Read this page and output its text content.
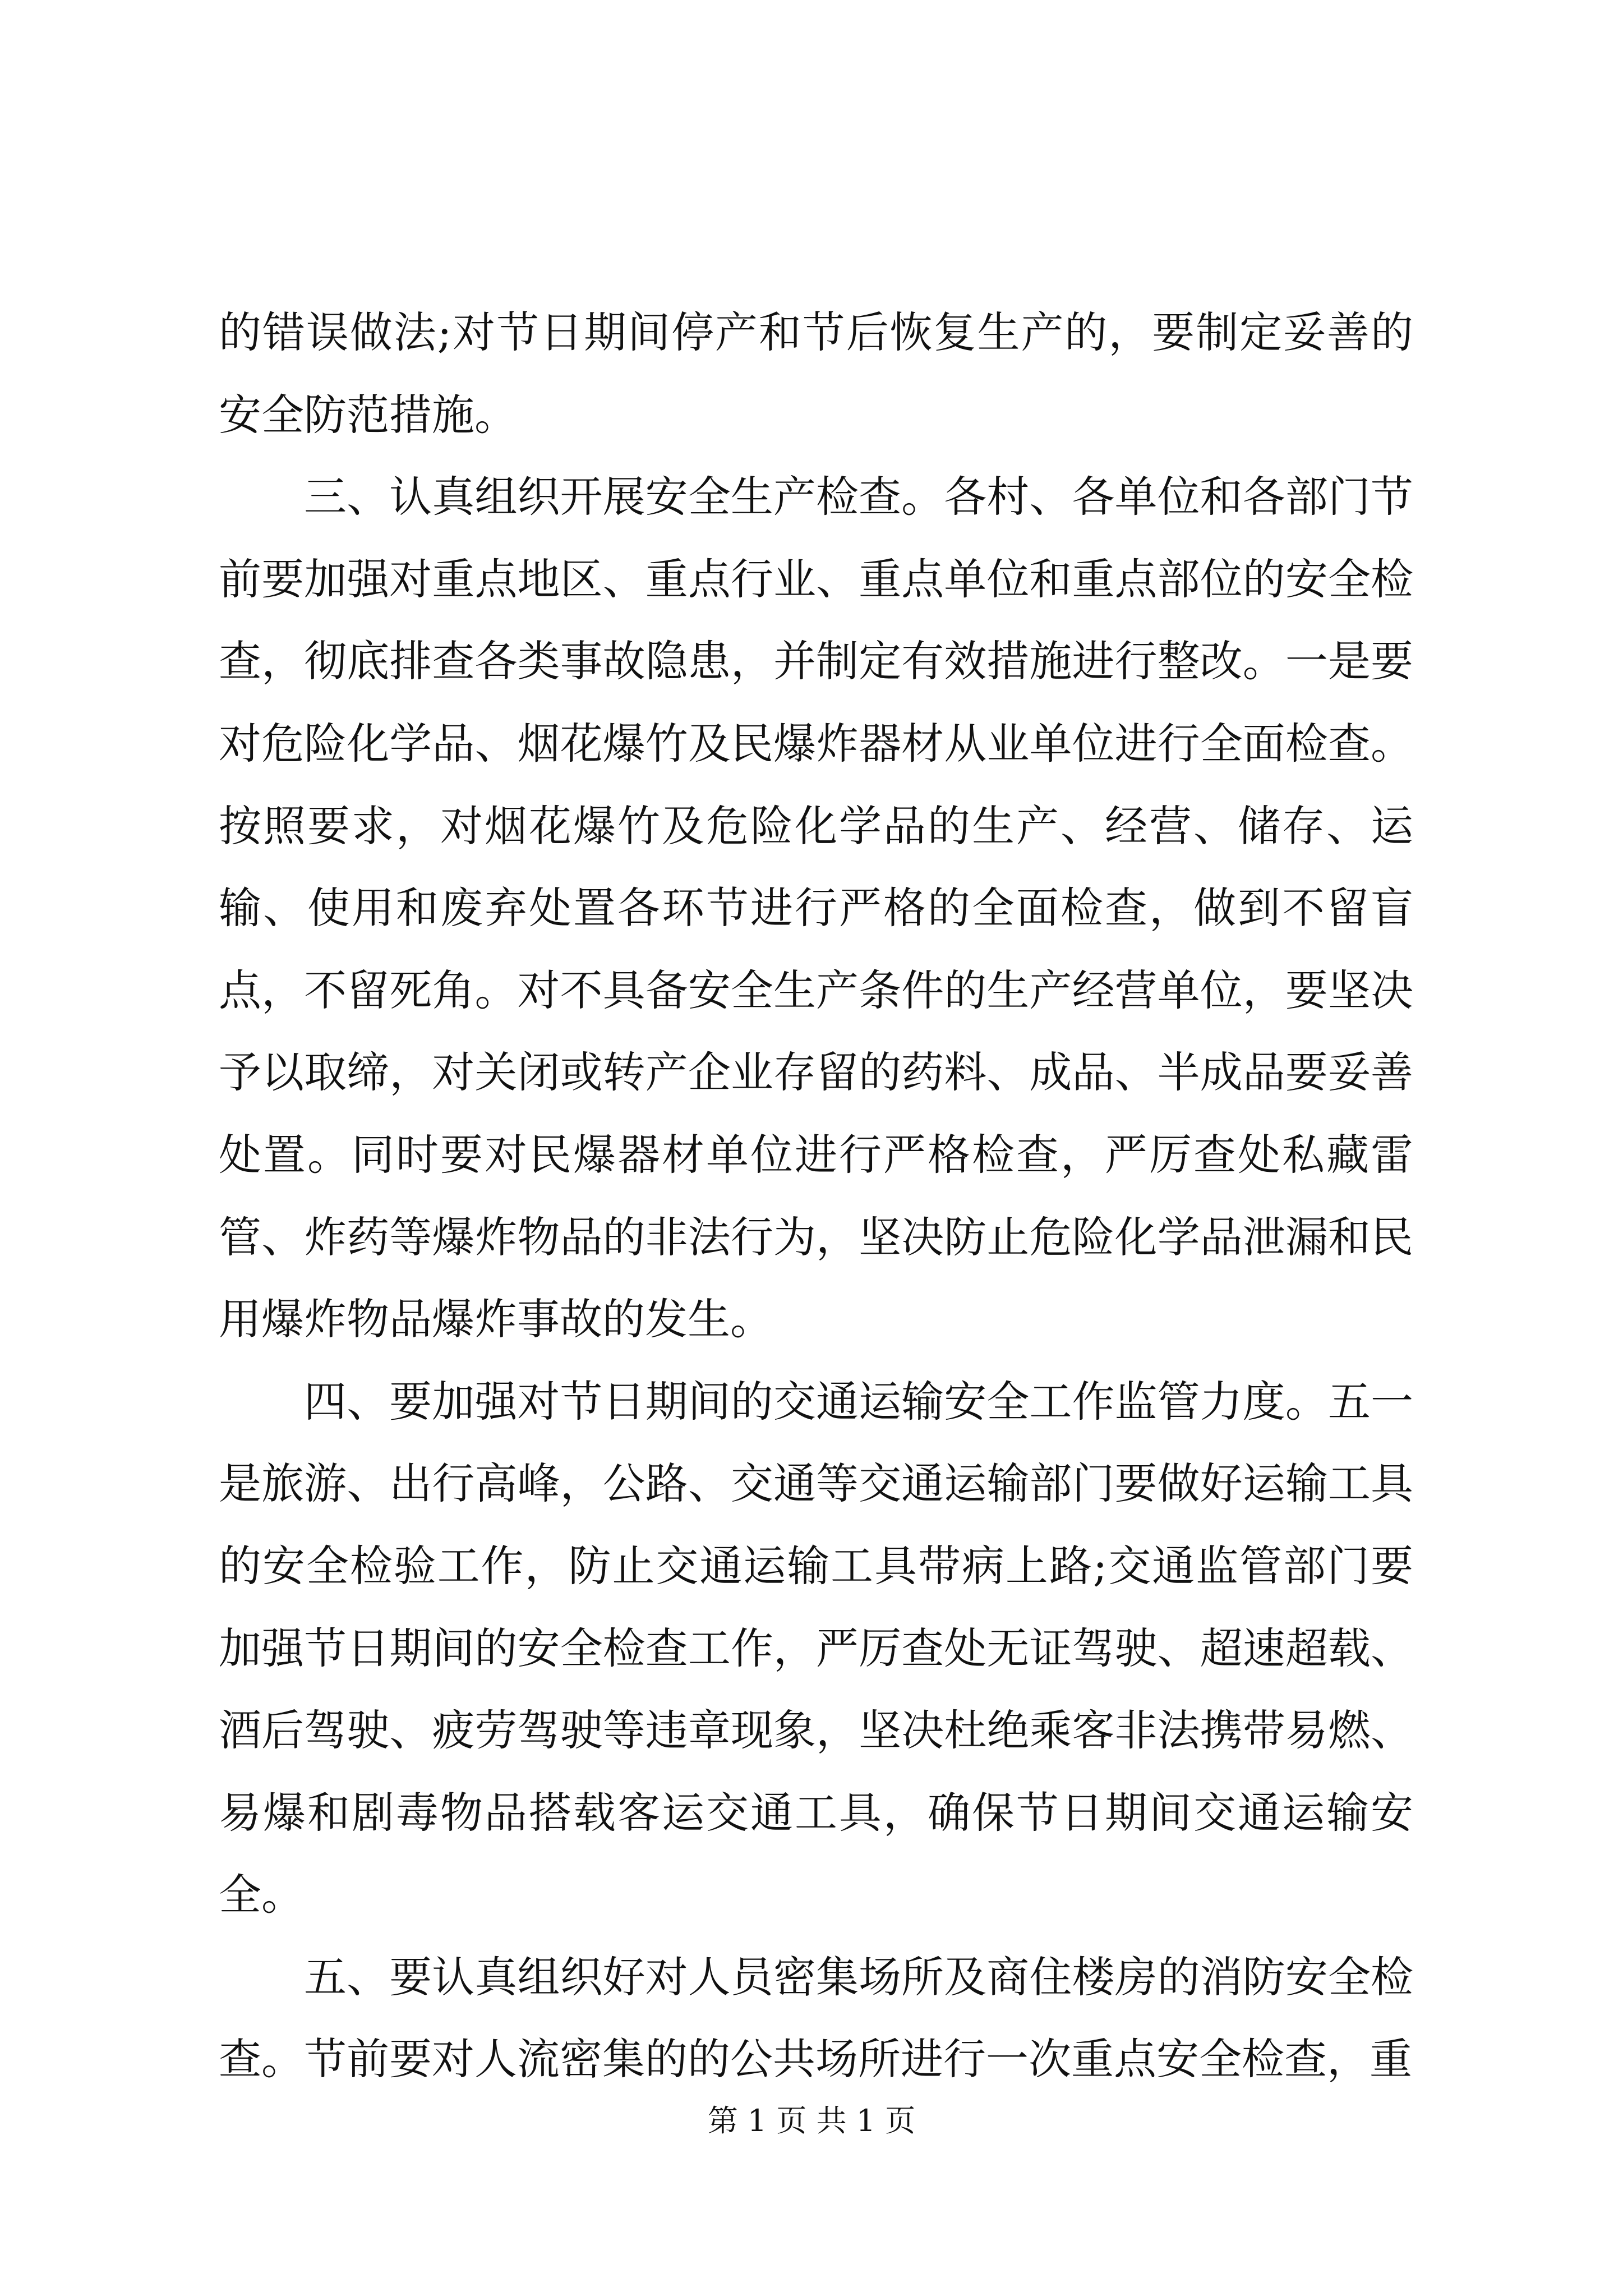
的错误做法;对节日期间停产和节后恢复生产的，要制定妥善的安全防范措施。

三、认真组织开展安全生产检查。各村、各单位和各部门节前要加强对重点地区、重点行业、重点单位和重点部位的安全检查，彻底排查各类事故隐患，并制定有效措施进行整改。一是要对危险化学品、烟花爆竹及民爆炸器材从业单位进行全面检查。按照要求，对烟花爆竹及危险化学品的生产、经营、储存、运输、使用和废弃处置各环节进行严格的全面检查，做到不留盲点，不留死角。对不具备安全生产条件的生产经营单位，要坚决予以取缔，对关闭或转产企业存留的药料、成品、半成品要妥善处置。同时要对民爆器材单位进行严格检查，严厉查处私藏雷管、炸药等爆炸物品的非法行为，坚决防止危险化学品泄漏和民用爆炸物品爆炸事故的发生。

四、要加强对节日期间的交通运输安全工作监管力度。五一是旅游、出行高峰，公路、交通等交通运输部门要做好运输工具的安全检验工作，防止交通运输工具带病上路;交通监管部门要加强节日期间的安全检查工作，严厉查处无证驾驶、超速超载、酒后驾驶、疲劳驾驶等违章现象，坚决杜绝乘客非法携带易燃、易爆和剧毒物品搭载客运交通工具，确保节日期间交通运输安全。

五、要认真组织好对人员密集场所及商住楼房的消防安全检查。节前要对人流密集的的公共场所进行一次重点安全检查，重

第 1 页 共 1 页
